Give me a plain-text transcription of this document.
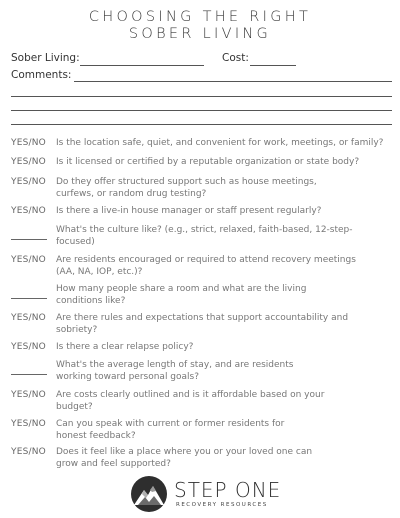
CHOOSING THE RIGHT
SOBER LIVING
Sober Living:	Cost:
Comments:
YES/NO Is the location safe, quiet, and convenient for work, meetings, or family?
YES/NO Is it licensed or certified by a reputable organization or state body?
YES/NO Do they offer structured support such as house meetings, curfews, or random drug testing?
YES/NO Is there a live-in house manager or staff present regularly?
What's the culture like? (e.g., strict, relaxed, faith-based, 12-step-focused)
YES/NO Are residents encouraged or required to attend recovery meetings (AA, NA, IOP, etc.)?
How many people share a room and what are the living conditions like?
YES/NO Are there rules and expectations that support accountability and sobriety?
YES/NO Is there a clear relapse policy?
What's the average length of stay, and are residents working toward personal goals?
YES/NO Are costs clearly outlined and is it affordable based on your budget?
YES/NO Can you speak with current or former residents for honest feedback?
YES/NO Does it feel like a place where you or your loved one can grow and feel supported?
STEP ONE
RECOVERY RESOURCES
